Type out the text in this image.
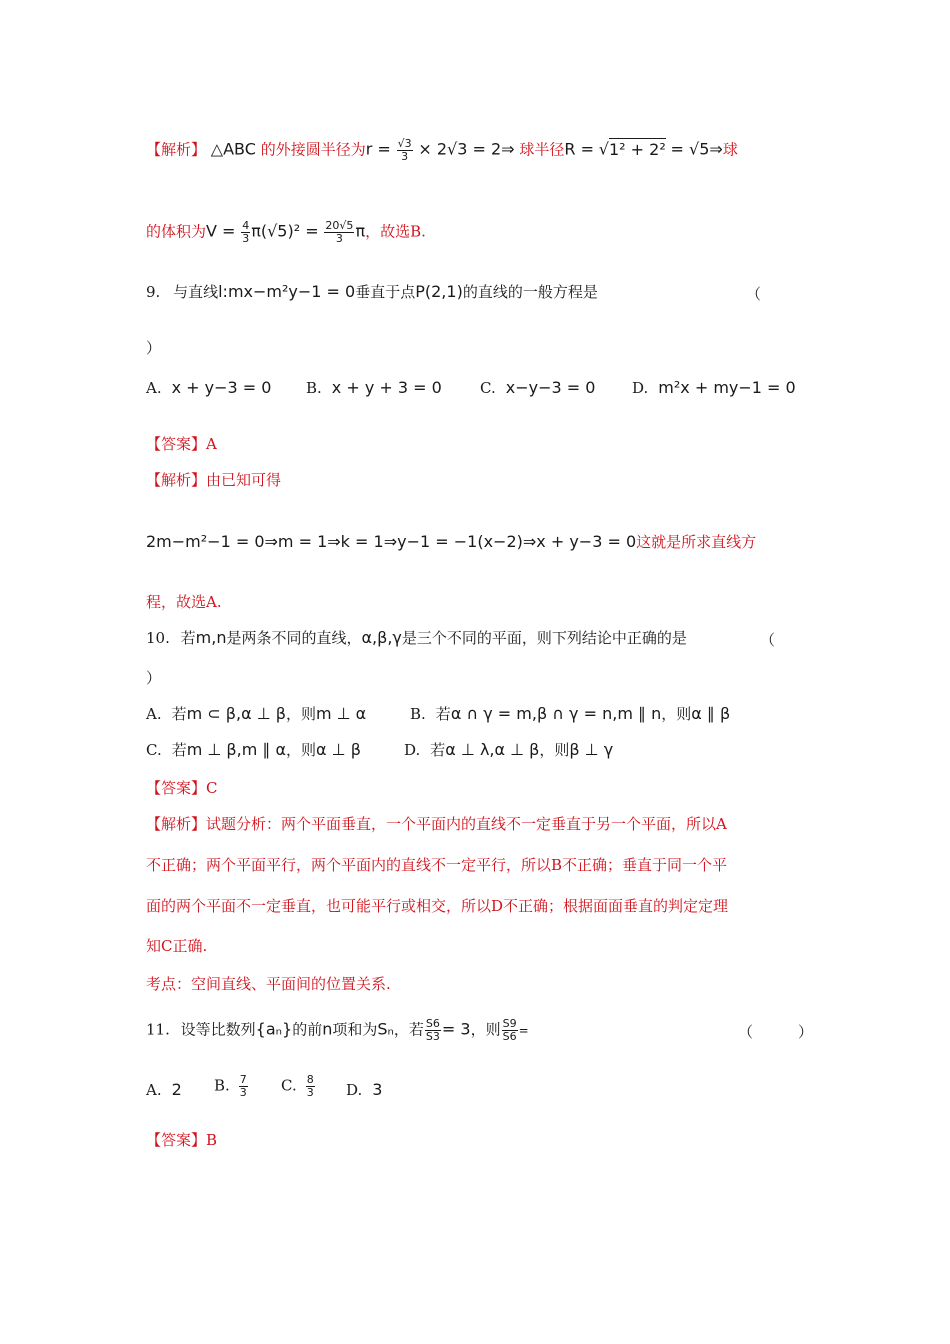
【解析】 △ABC 的外接圆半径为$r = \frac{√3}{3} \times 2√3$ = 2⇒ 球半径R = √1² + 2² = √5⇒球
的体积为$V = \frac{4}{3} \pi(√5)^2 = \frac{20√5}{3}$ π，故选B.
9. 与直线l:mx−m²y−1 = 0垂直于点P(2,1)的直线的一般方程是	（
）
A. x + y−3 = 0 B. x + y + 3 = 0	C. x−y−3 = 0 D. m²x + my−1 = 0
【答案】A
【解析】由已知可得
2m−m²−1 = 0⇒m = 1⇒k = 1⇒y−1 = −1(x−2)⇒x + y−3 = 0这就是所求直线方
程，故选A.
10. 若m,n是两条不同的直线，α,β,γ是三个不同的平面，则下列结论中正确的是	（
）
A. 若m ⊂ β,α ⊥ β，则m ⊥ α	B. 若α ∩ γ = m,β ∩ γ = n,m ∥ n，则α ∥ β
C. 若m ⊥ β,m ∥ α，则α ⊥ β	D. 若α ⊥ λ,α ⊥ β，则β ⊥ γ
【答案】C
【解析】试题分析：两个平面垂直，一个平面内的直线不一定垂直于另一个平面，所以A
不正确；两个平面平行，两个平面内的直线不一定平行，所以B不正确；垂直于同一个平
面的两个平面不一定垂直，也可能平行或相交，所以D不正确；根据面面垂直的判定定理
知C正确.
考点：空间直线、平面间的位置关系.
11. 设等比数列{aₙ}的前n项和为Sₙ，若 $\frac{S6}{S3} = 3$，则 $\frac{S9}{S6}$ =	（　　　）
A. 2 B. $\frac{7}{3} C$. $\frac{8}{3} D$. 3
【答案】B
